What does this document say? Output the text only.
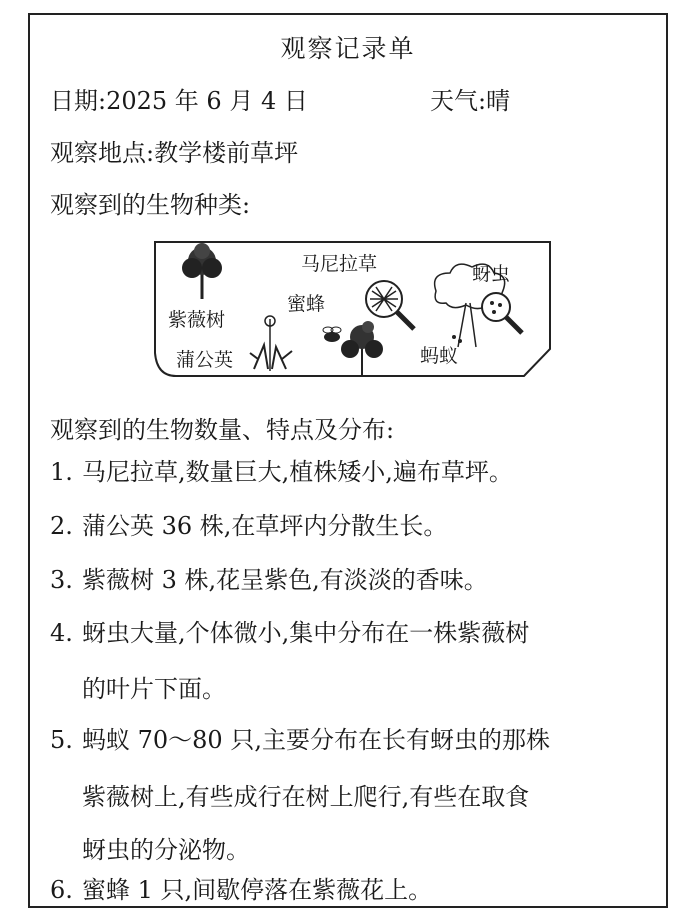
观察记录单
日期:2025 年 6 月 4 日	天气:晴
观察地点:教学楼前草坪
观察到的生物种类:
紫薇树
蒲公英
蜜蜂
马尼拉草	蚜虫
蚂蚁
观察到的生物数量、特点及分布:
1. 马尼拉草,数量巨大,植株矮小,遍布草坪。
2. 蒲公英 36 株,在草坪内分散生长。
3. 紫薇树 3 株,花呈紫色,有淡淡的香味。
4. 蚜虫大量,个体微小,集中分布在一株紫薇树
的叶片下面。
5. 蚂蚁 70～80 只,主要分布在长有蚜虫的那株
紫薇树上,有些成行在树上爬行,有些在取食
蚜虫的分泌物。
6. 蜜蜂 1 只,间歇停落在紫薇花上。
